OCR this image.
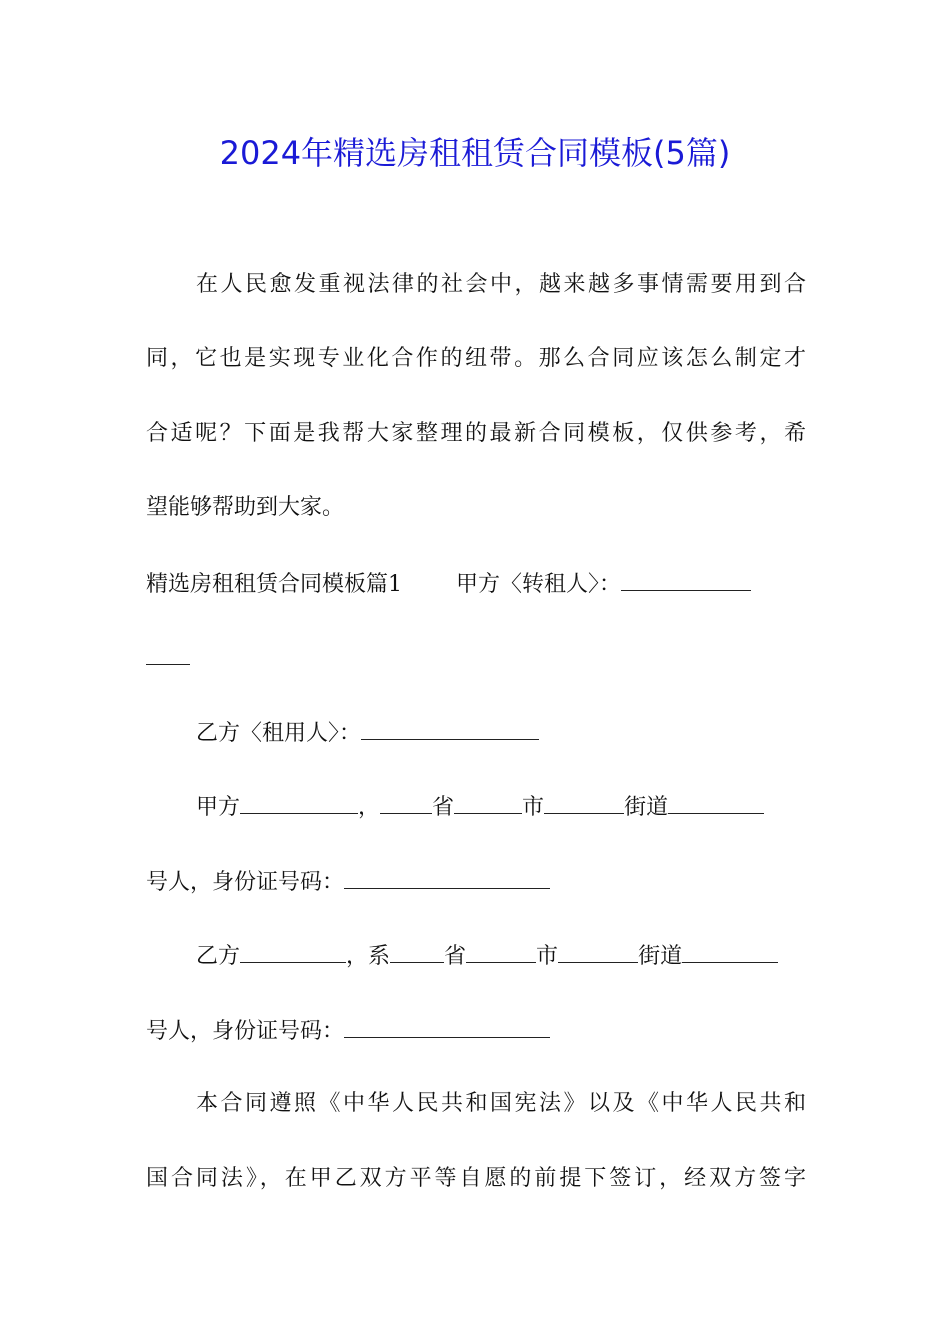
2024年精选房租租赁合同模板(5篇)
在人民愈发重视法律的社会中，越来越多事情需要用到合
同，它也是实现专业化合作的纽带。那么合同应该怎么制定才
合适呢？下面是我帮大家整理的最新合同模板，仅供参考，希
望能够帮助到大家。
精选房租租赁合同模板篇1 甲方〈转租人〉：
乙方〈租用人〉：
甲方	， 省	市	街道
号人，身份证号码：
乙方	，系 省	市	街道
号人，身份证号码：
本合同遵照《中华人民共和国宪法》以及《中华人民共和
国合同法》，在甲乙双方平等自愿的前提下签订，经双方签字
